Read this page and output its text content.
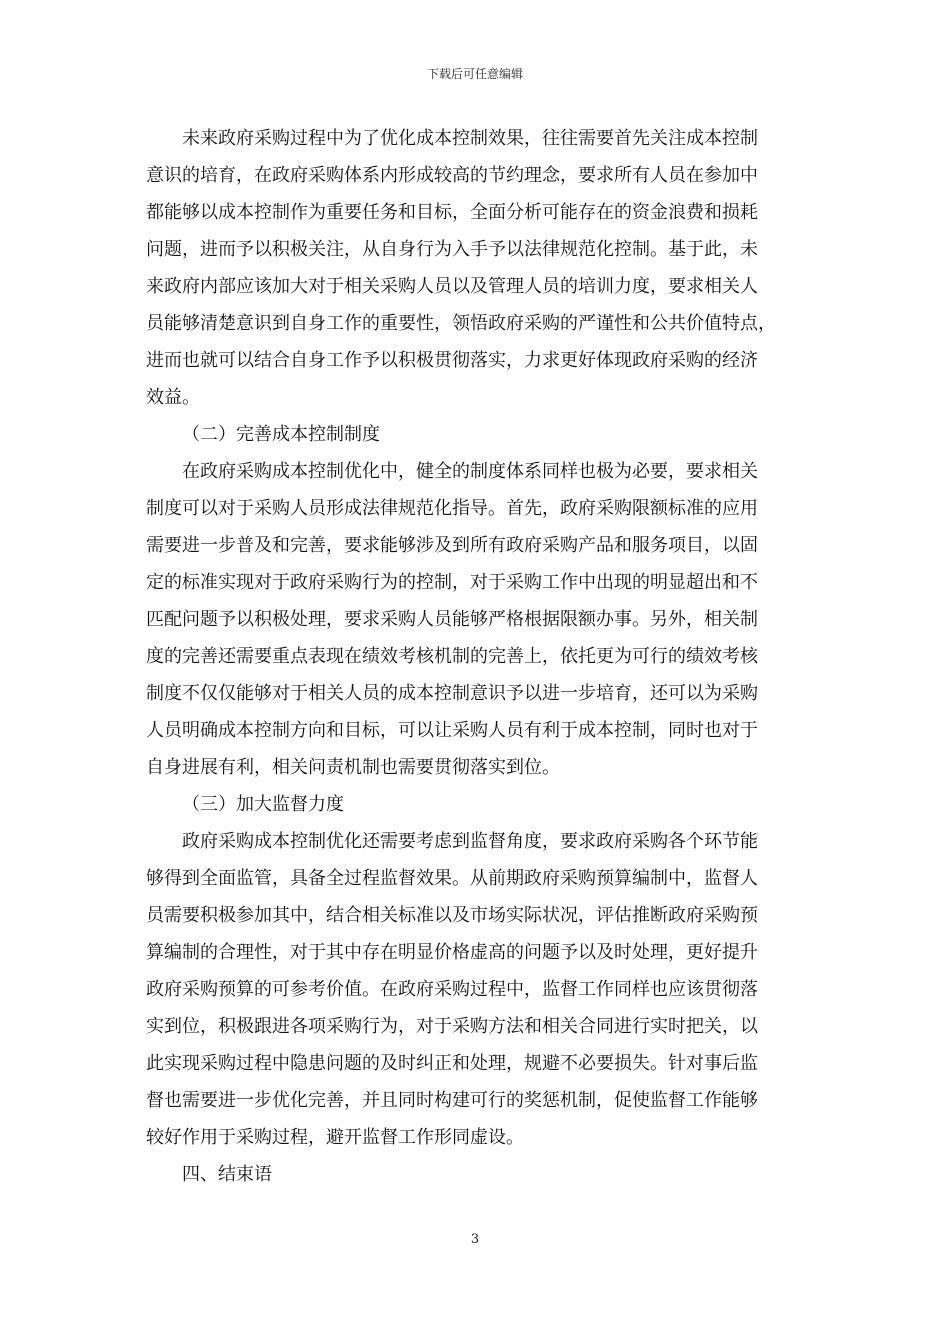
下载后可任意编辑
未来政府采购过程中为了优化成本控制效果，往往需要首先关注成本控制
意识的培育，在政府采购体系内形成较高的节约理念，要求所有人员在参加中
都能够以成本控制作为重要任务和目标，全面分析可能存在的资金浪费和损耗
问题，进而予以积极关注，从自身行为入手予以法律规范化控制。基于此，未
来政府内部应该加大对于相关采购人员以及管理人员的培训力度，要求相关人
员能够清楚意识到自身工作的重要性，领悟政府采购的严谨性和公共价值特点，
进而也就可以结合自身工作予以积极贯彻落实，力求更好体现政府采购的经济
效益。

（二）完善成本控制制度

在政府采购成本控制优化中，健全的制度体系同样也极为必要，要求相关
制度可以对于采购人员形成法律规范化指导。首先，政府采购限额标准的应用
需要进一步普及和完善，要求能够涉及到所有政府采购产品和服务项目，以固
定的标准实现对于政府采购行为的控制，对于采购工作中出现的明显超出和不
匹配问题予以积极处理，要求采购人员能够严格根据限额办事。另外，相关制
度的完善还需要重点表现在绩效考核机制的完善上，依托更为可行的绩效考核
制度不仅仅能够对于相关人员的成本控制意识予以进一步培育，还可以为采购
人员明确成本控制方向和目标，可以让采购人员有利于成本控制，同时也对于
自身进展有利，相关问责机制也需要贯彻落实到位。

（三）加大监督力度

政府采购成本控制优化还需要考虑到监督角度，要求政府采购各个环节能
够得到全面监管，具备全过程监督效果。从前期政府采购预算编制中，监督人
员需要积极参加其中，结合相关标准以及市场实际状况，评估推断政府采购预
算编制的合理性，对于其中存在明显价格虚高的问题予以及时处理，更好提升
政府采购预算的可参考价值。在政府采购过程中，监督工作同样也应该贯彻落
实到位，积极跟进各项采购行为，对于采购方法和相关合同进行实时把关，以
此实现采购过程中隐患问题的及时纠正和处理，规避不必要损失。针对事后监
督也需要进一步优化完善，并且同时构建可行的奖惩机制，促使监督工作能够
较好作用于采购过程，避开监督工作形同虚设。

四、结束语

3
